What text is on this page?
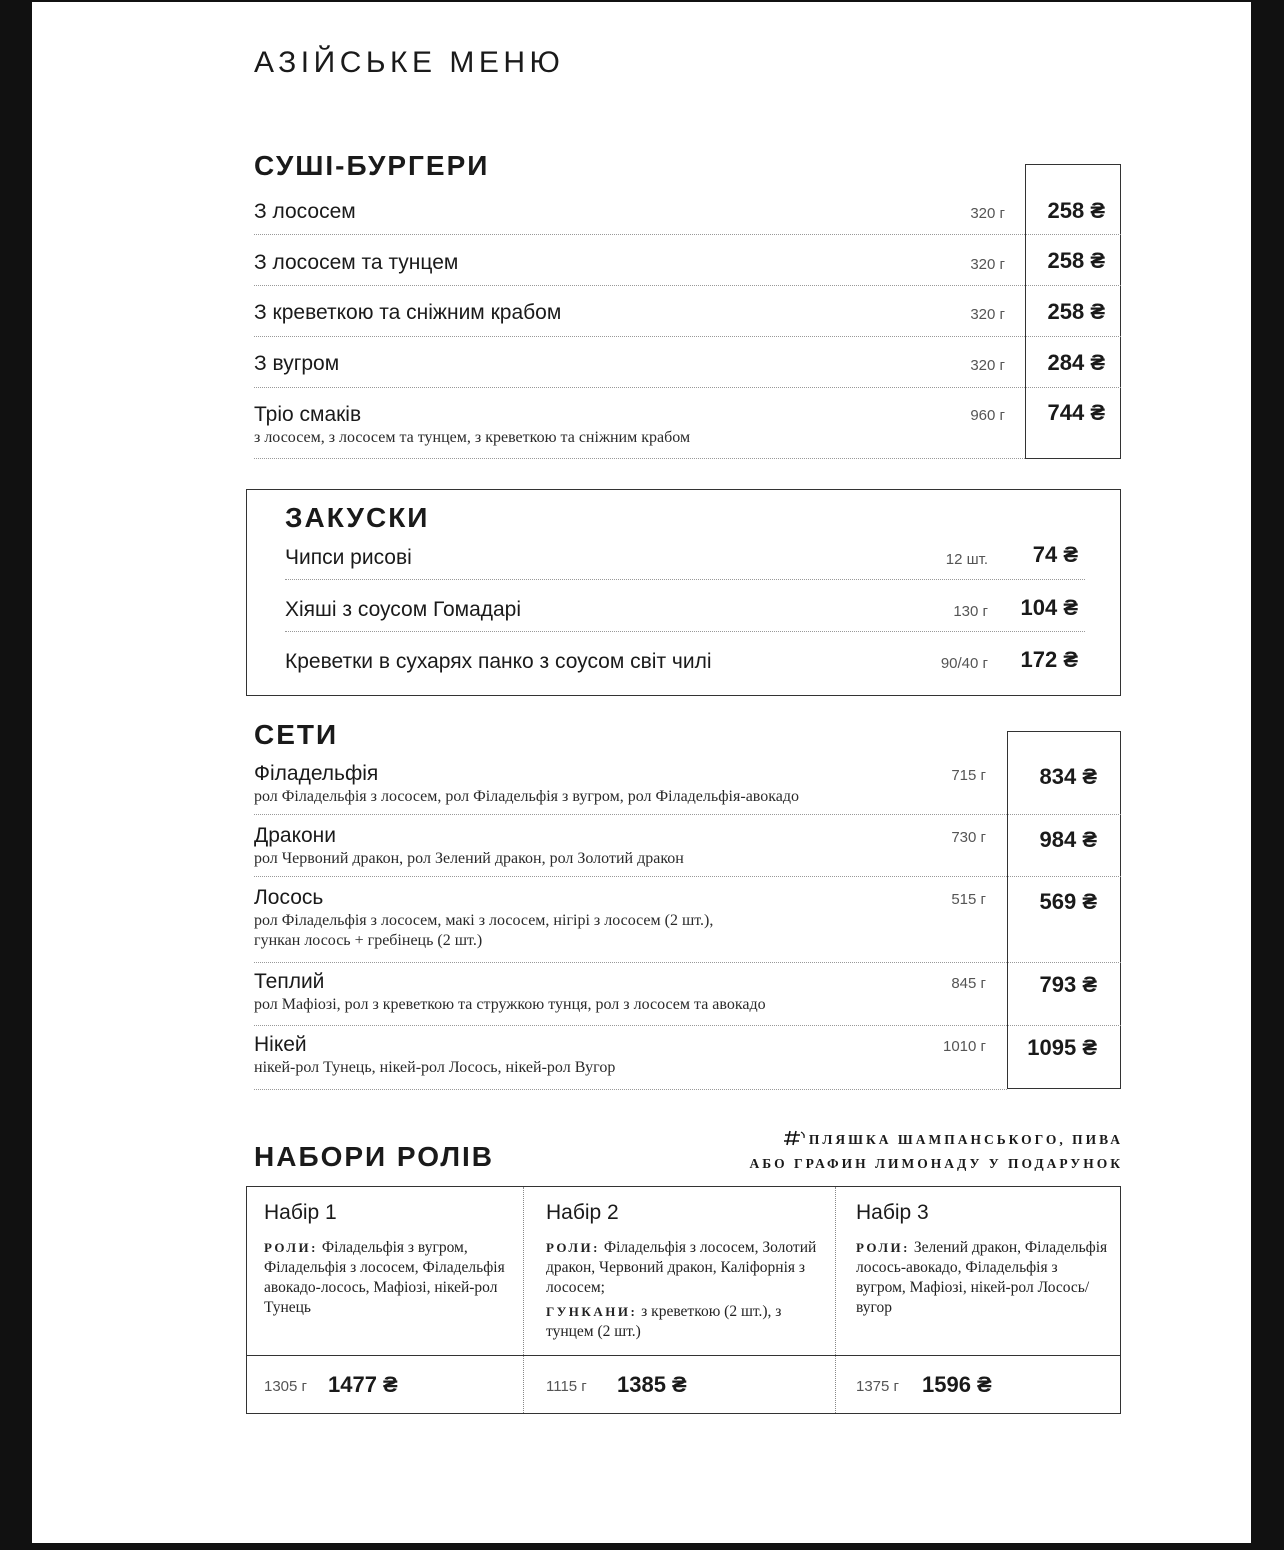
АЗІЙСЬКЕ МЕНЮ
СУШІ-БУРГЕРИ
З лососем	320 г	258 ₴
З лососем та тунцем	320 г	258 ₴
З креветкою та сніжним крабом	320 г	258 ₴
З вугром	320 г	284 ₴
Тріо смаків
з лососем, з лососем та тунцем, з креветкою та сніжним крабом
960 г	744 ₴
ЗАКУСКИ
Чипси рисові	12 шт.	74 ₴
Хіяші з соусом Гомадарі	130 г	104 ₴
Креветки в сухарях панко з соусом світ чилі	90/40 г	172 ₴
СЕТИ
Філадельфія
рол Філадельфія з лососем, рол Філадельфія з вугром, рол Філадельфія-авокадо
715 г	834 ₴
Дракони
рол Червоний дракон, рол Зелений дракон, рол Золотий дракон
730 г	984 ₴
Лосось
рол Філадельфія з лососем, макі з лососем, нігірі з лососем (2 шт.),
гункан лосось + гребінець (2 шт.)
515 г	569 ₴
Теплий
рол Мафіозі, рол з креветкою та стружкою тунця, рол з лососем та авокадо
845 г	793 ₴
Нікей
нікей-рол Тунець, нікей-рол Лосось, нікей-рол Вугор
1010 г	1095 ₴
НАБОРИ РОЛІВ
ПЛЯШКА ШАМПАНСЬКОГО, ПИВА
АБО ГРАФИН ЛИМОНАДУ У ПОДАРУНОК
Набір 1
РОЛИ: Філадельфія з вугром, Філадельфія з лососем, Філадельфія авокадо-лосось, Мафіозі, нікей-рол Тунець
1305 г 1477 ₴
Набір 2
РОЛИ: Філадельфія з лососем, Золотий дракон, Червоний дракон, Каліфорнія з лососем;
ГУНКАНИ: з креветкою (2 шт.), з тунцем (2 шт.)
1115 г 1385 ₴
Набір 3
РОЛИ: Зелений дракон, Філадельфія лосось-авокадо, Філадельфія з вугром, Мафіозі, нікей-рол Лосось/вугор
1375 г 1596 ₴
